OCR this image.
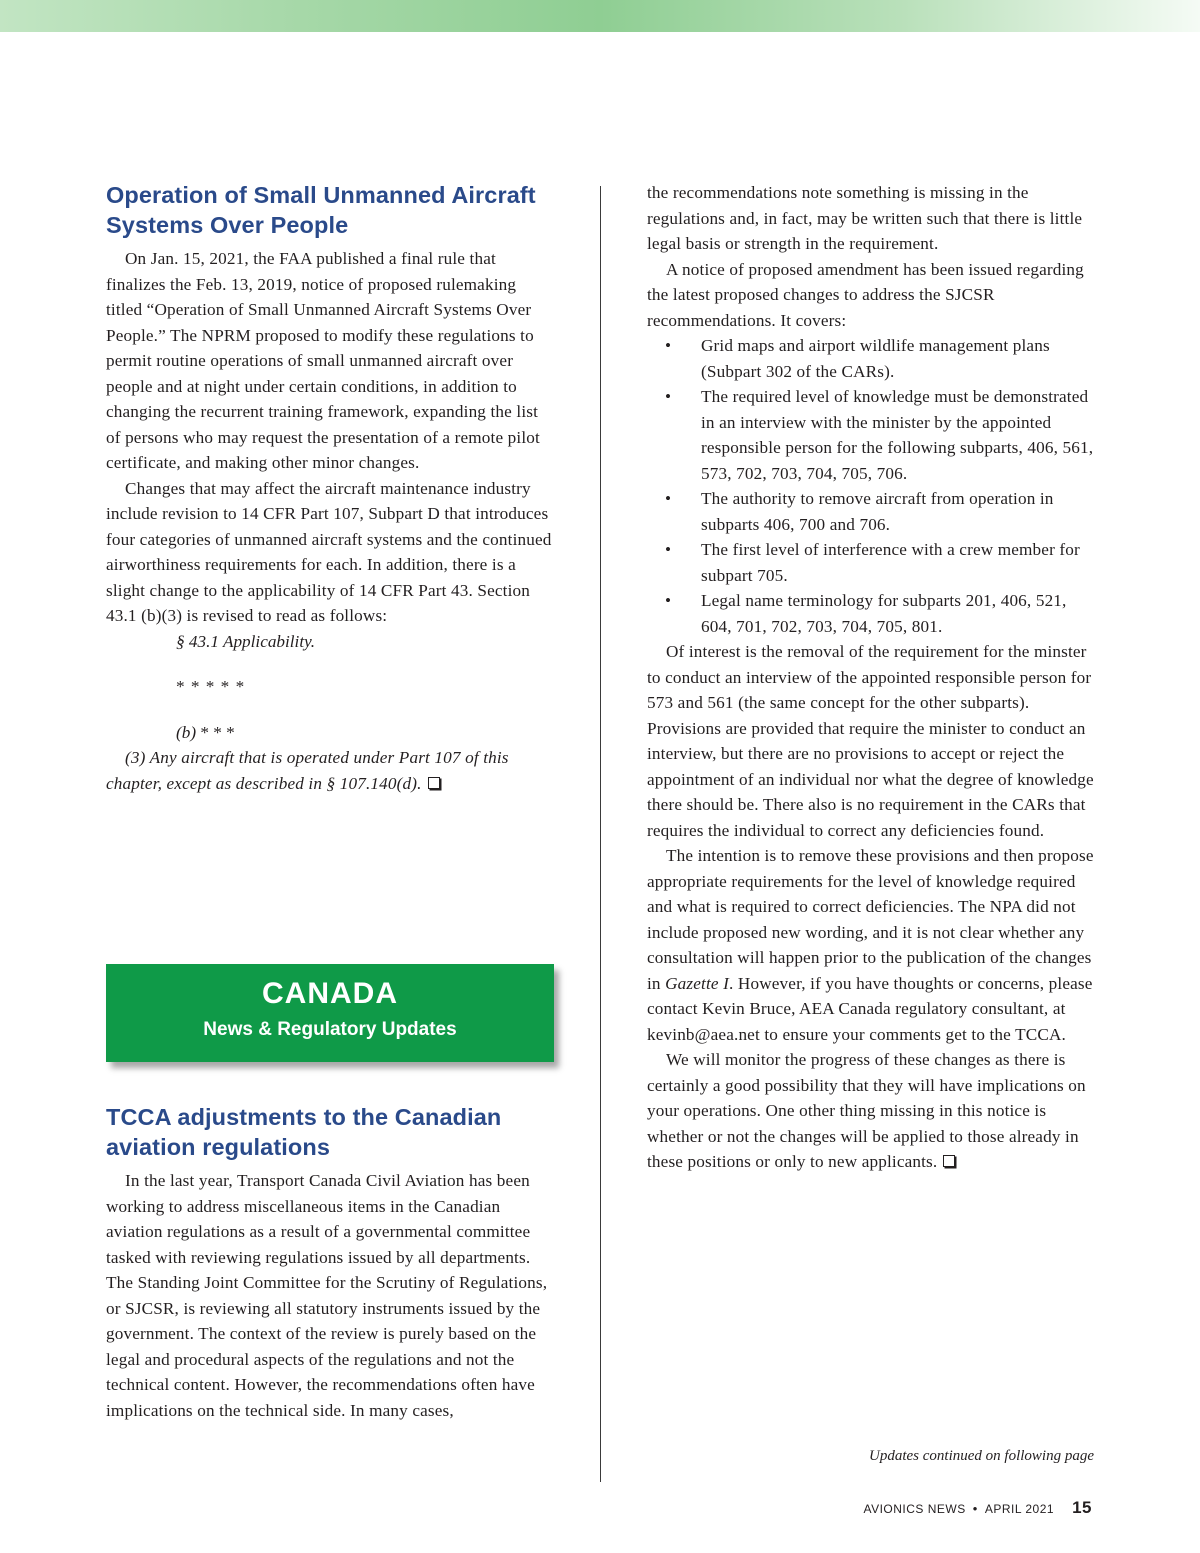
Operation of Small Unmanned Aircraft Systems Over People

On Jan. 15, 2021, the FAA published a final rule that finalizes the Feb. 13, 2019, notice of proposed rulemaking titled “Operation of Small Unmanned Aircraft Systems Over People.” The NPRM proposed to modify these regulations to permit routine operations of small unmanned aircraft over people and at night under certain conditions, in addition to changing the recurrent training framework, expanding the list of persons who may request the presentation of a remote pilot certificate, and making other minor changes.

Changes that may affect the aircraft maintenance industry include revision to 14 CFR Part 107, Subpart D that introduces four categories of unmanned aircraft systems and the continued airworthiness requirements for each. In addition, there is a slight change to the applicability of 14 CFR Part 43. Section 43.1 (b)(3) is revised to read as follows:

§ 43.1 Applicability.
* * * * *
(b) * * *

(3) Any aircraft that is operated under Part 107 of this chapter, except as described in § 107.140(d).

CANADA
News & Regulatory Updates
TCCA adjustments to the Canadian aviation regulations

In the last year, Transport Canada Civil Aviation has been working to address miscellaneous items in the Canadian aviation regulations as a result of a governmental committee tasked with reviewing regulations issued by all departments. The Standing Joint Committee for the Scrutiny of Regulations, or SJCSR, is reviewing all statutory instruments issued by the government. The context of the review is purely based on the legal and procedural aspects of the regulations and not the technical content. However, the recommendations often have implications on the technical side. In many cases,

the recommendations note something is missing in the regulations and, in fact, may be written such that there is little legal basis or strength in the requirement.

A notice of proposed amendment has been issued regarding the latest proposed changes to address the SJCSR recommendations. It covers:

• Grid maps and airport wildlife management plans (Subpart 302 of the CARs).
• The required level of knowledge must be demonstrated in an interview with the minister by the appointed responsible person for the following subparts, 406, 561, 573, 702, 703, 704, 705, 706.
• The authority to remove aircraft from operation in subparts 406, 700 and 706.
• The first level of interference with a crew member for subpart 705.
• Legal name terminology for subparts 201, 406, 521, 604, 701, 702, 703, 704, 705, 801.

Of interest is the removal of the requirement for the minster to conduct an interview of the appointed responsible person for 573 and 561 (the same concept for the other subparts). Provisions are provided that require the minister to conduct an interview, but there are no provisions to accept or reject the appointment of an individual nor what the degree of knowledge there should be. There also is no requirement in the CARs that requires the individual to correct any deficiencies found.

The intention is to remove these provisions and then propose appropriate requirements for the level of knowledge required and what is required to correct deficiencies. The NPA did not include proposed new wording, and it is not clear whether any consultation will happen prior to the publication of the changes in Gazette I. However, if you have thoughts or concerns, please contact Kevin Bruce, AEA Canada regulatory consultant, at kevinb@aea.net to ensure your comments get to the TCCA.

We will monitor the progress of these changes as there is certainly a good possibility that they will have implications on your operations. One other thing missing in this notice is whether or not the changes will be applied to those already in these positions or only to new applicants.

Updates continued on following page
AVIONICS NEWS • APRIL 2021 15
